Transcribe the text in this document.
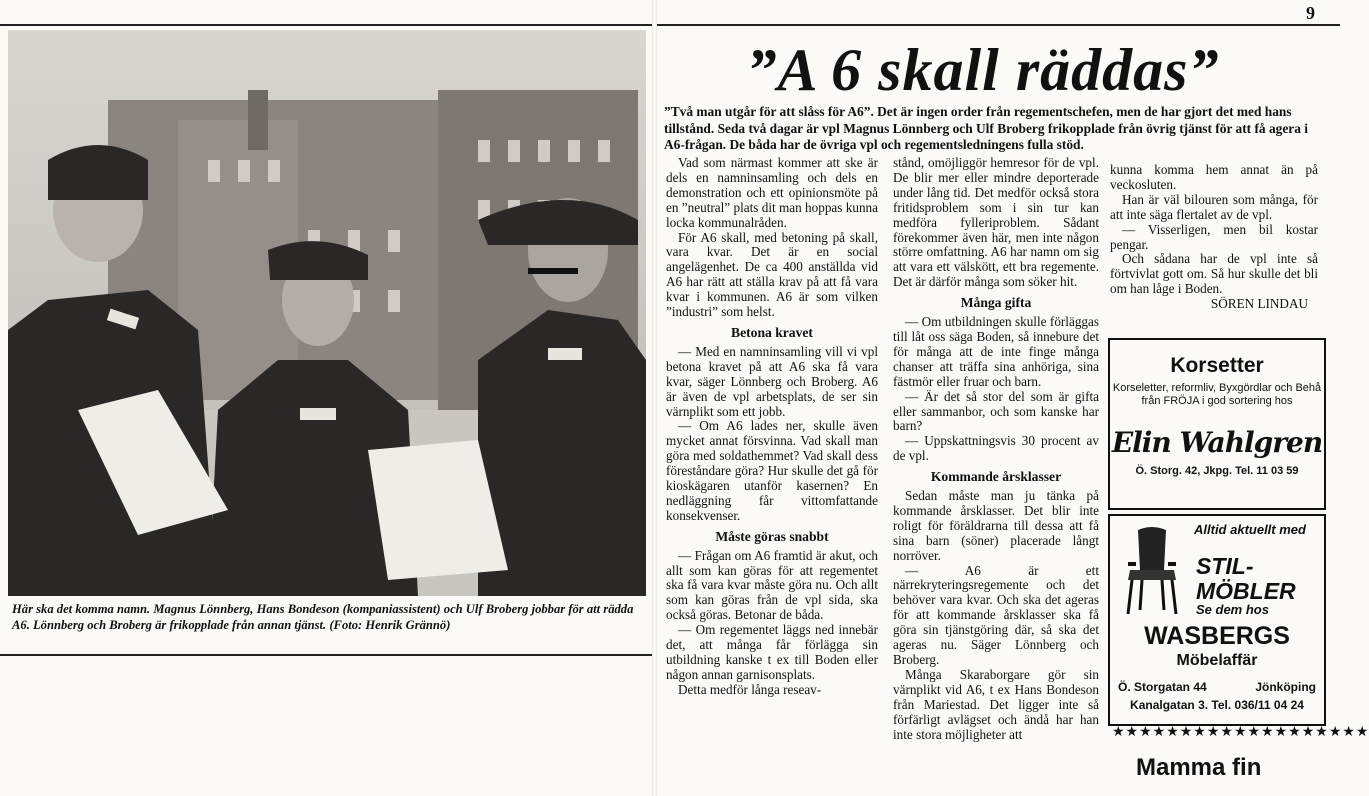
9
Här ska det komma namn. Magnus Lönnberg, Hans Bondeson (kompaniassistent) och Ulf Broberg jobbar för att rädda A6. Lönnberg och Broberg är frikopplade från annan tjänst. (Foto: Henrik Grännö)
”A 6 skall räddas”
”Två man utgår för att slåss för A6”. Det är ingen order från regementschefen, men de har gjort det med hans tillstånd. Seda två dagar är vpl Magnus Lönnberg och Ulf Broberg frikopplade från övrig tjänst för att få agera i A6-frågan. De båda har de övriga vpl och regementsledningens fulla stöd.

Vad som närmast kommer att ske är dels en namninsamling och dels en demonstration och ett opinionsmöte på en ”neutral” plats dit man hoppas kunna locka kommunalråden.

För A6 skall, med betoning på skall, vara kvar. Det är en social angelägenhet. De ca 400 anställda vid A6 har rätt att ställa krav på att få vara kvar i kommunen. A6 är som vilken ”industri” som helst.

Betona kravet

— Med en namninsamling vill vi vpl betona kravet på att A6 ska få vara kvar, säger Lönnberg och Broberg. A6 är även de vpl arbetsplats, de ser sin värnplikt som ett jobb.

— Om A6 lades ner, skulle även mycket annat försvinna. Vad skall man göra med soldathemmet? Vad skall dess föreståndare göra? Hur skulle det gå för kioskägaren utanför kasernen? En nedläggning får vittomfattande konsekvenser.

Måste göras snabbt

— Frågan om A6 framtid är akut, och allt som kan göras för att regementet ska få vara kvar måste göra nu. Och allt som kan göras från de vpl sida, ska också göras. Betonar de båda.

— Om regementet läggs ned innebär det, att många får förlägga sin utbildning kanske t ex till Boden eller någon annan garnisonsplats.

Detta medför långa reseav-

stånd, omöjliggör hemresor för de vpl. De blir mer eller mindre deporterade under lång tid. Det medför också stora fritidsproblem som i sin tur kan medföra fylleriproblem. Sådant förekommer även här, men inte någon större omfattning. A6 har namn om sig att vara ett välskött, ett bra regemente. Det är därför många som söker hit.

Många gifta

— Om utbildningen skulle förläggas till låt oss säga Boden, så innebure det för många att de inte finge många chanser att träffa sina anhöriga, sina fästmör eller fruar och barn.

— Är det så stor del som är gifta eller sammanbor, och som kanske har barn?

— Uppskattningsvis 30 procent av de vpl.

Kommande årsklasser

Sedan måste man ju tänka på kommande årsklasser. Det blir inte roligt för föräldrarna till dessa att få sina barn (söner) placerade långt norröver.

— A6 är ett närrekryteringsregemente och det behöver vara kvar. Och ska det ageras för att kommande årsklasser ska få göra sin tjänstgöring där, så ska det ageras nu. Säger Lönnberg och Broberg.

Många Skaraborgare gör sin värnplikt vid A6, t ex Hans Bondeson från Mariestad. Det ligger inte så förfärligt avlägset och ändå har han inte stora möjligheter att

kunna komma hem annat än på veckosluten.

Han är väl bilouren som många, för att inte säga flertalet av de vpl.

— Visserligen, men bil kostar pengar.

Och sådana har de vpl inte så förtvivlat gott om. Så hur skulle det bli om han låge i Boden.

SÖREN LINDAU
Korsetter
Korseletter, reformliv, Byxgördlar och Behå från FRÖJA i god sortering hos
Elin Wahlgren
Ö. Storg. 42, Jkpg. Tel. 11 03 59
Alltid aktuellt med
STIL-
MÖBLER
Se dem hos
WASBERGS
Möbelaffär
Ö. Storgatan 44	Jönköping
Kanalgatan 3. Tel. 036/11 04 24
★★★★★★★★★★★★★★★★★★★
Mamma fin
